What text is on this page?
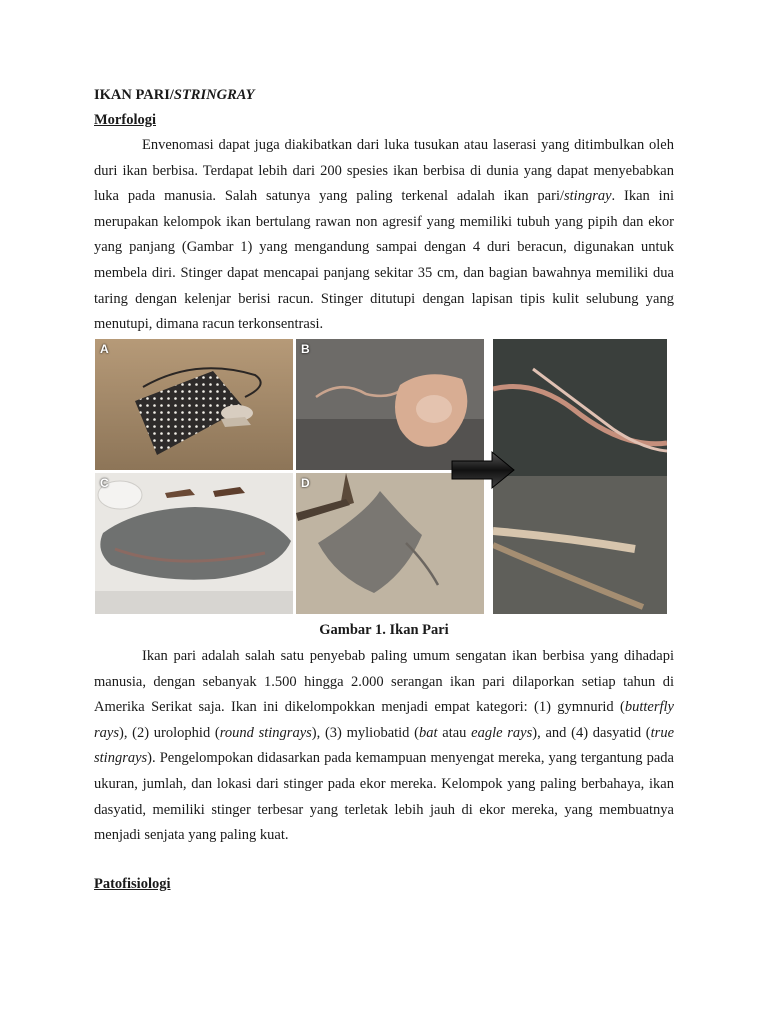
IKAN PARI/STRINGRAY
Morfologi

Envenomasi dapat juga diakibatkan dari luka tusukan atau laserasi yang ditimbulkan oleh duri ikan berbisa. Terdapat lebih dari 200 spesies ikan berbisa di dunia yang dapat menyebabkan luka pada manusia. Salah satunya yang paling terkenal adalah ikan pari/stingray. Ikan ini merupakan kelompok ikan bertulang rawan non agresif yang memiliki tubuh yang pipih dan ekor yang panjang (Gambar 1) yang mengandung sampai dengan 4 duri beracun, digunakan untuk membela diri. Stinger dapat mencapai panjang sekitar 35 cm, dan bagian bawahnya memiliki dua taring dengan kelenjar berisi racun. Stinger ditutupi dengan lapisan tipis kulit selubung yang menutupi, dimana racun terkonsentrasi.

A	B
C	D
Gambar 1. Ikan Pari

Ikan pari adalah salah satu penyebab paling umum sengatan ikan berbisa yang dihadapi manusia, dengan sebanyak 1.500 hingga 2.000 serangan ikan pari dilaporkan setiap tahun di Amerika Serikat saja. Ikan ini dikelompokkan menjadi empat kategori: (1) gymnurid (butterfly rays), (2) urolophid (round stingrays), (3) myliobatid (bat atau eagle rays), and (4) dasyatid (true stingrays). Pengelompokan didasarkan pada kemampuan menyengat mereka, yang tergantung pada ukuran, jumlah, dan lokasi dari stinger pada ekor mereka. Kelompok yang paling berbahaya, ikan dasyatid, memiliki stinger terbesar yang terletak lebih jauh di ekor mereka, yang membuatnya menjadi senjata yang paling kuat.

Patofisiologi
